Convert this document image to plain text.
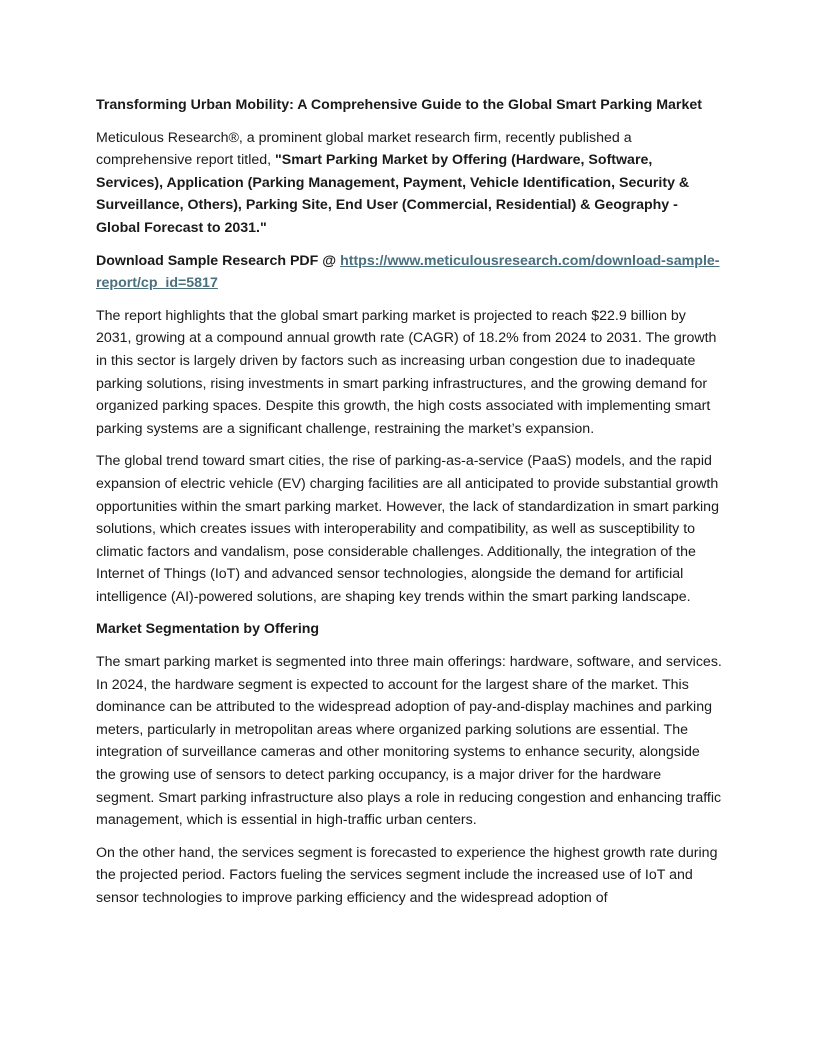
Transforming Urban Mobility: A Comprehensive Guide to the Global Smart Parking Market

Meticulous Research®, a prominent global market research firm, recently published a comprehensive report titled, "Smart Parking Market by Offering (Hardware, Software, Services), Application (Parking Management, Payment, Vehicle Identification, Security & Surveillance, Others), Parking Site, End User (Commercial, Residential) & Geography - Global Forecast to 2031."

Download Sample Research PDF @ https://www.meticulousresearch.com/download-sample-report/cp_id=5817

The report highlights that the global smart parking market is projected to reach $22.9 billion by 2031, growing at a compound annual growth rate (CAGR) of 18.2% from 2024 to 2031. The growth in this sector is largely driven by factors such as increasing urban congestion due to inadequate parking solutions, rising investments in smart parking infrastructures, and the growing demand for organized parking spaces. Despite this growth, the high costs associated with implementing smart parking systems are a significant challenge, restraining the market’s expansion.

The global trend toward smart cities, the rise of parking-as-a-service (PaaS) models, and the rapid expansion of electric vehicle (EV) charging facilities are all anticipated to provide substantial growth opportunities within the smart parking market. However, the lack of standardization in smart parking solutions, which creates issues with interoperability and compatibility, as well as susceptibility to climatic factors and vandalism, pose considerable challenges. Additionally, the integration of the Internet of Things (IoT) and advanced sensor technologies, alongside the demand for artificial intelligence (AI)-powered solutions, are shaping key trends within the smart parking landscape.

Market Segmentation by Offering

The smart parking market is segmented into three main offerings: hardware, software, and services. In 2024, the hardware segment is expected to account for the largest share of the market. This dominance can be attributed to the widespread adoption of pay-and-display machines and parking meters, particularly in metropolitan areas where organized parking solutions are essential. The integration of surveillance cameras and other monitoring systems to enhance security, alongside the growing use of sensors to detect parking occupancy, is a major driver for the hardware segment. Smart parking infrastructure also plays a role in reducing congestion and enhancing traffic management, which is essential in high-traffic urban centers.

On the other hand, the services segment is forecasted to experience the highest growth rate during the projected period. Factors fueling the services segment include the increased use of IoT and sensor technologies to improve parking efficiency and the widespread adoption of
